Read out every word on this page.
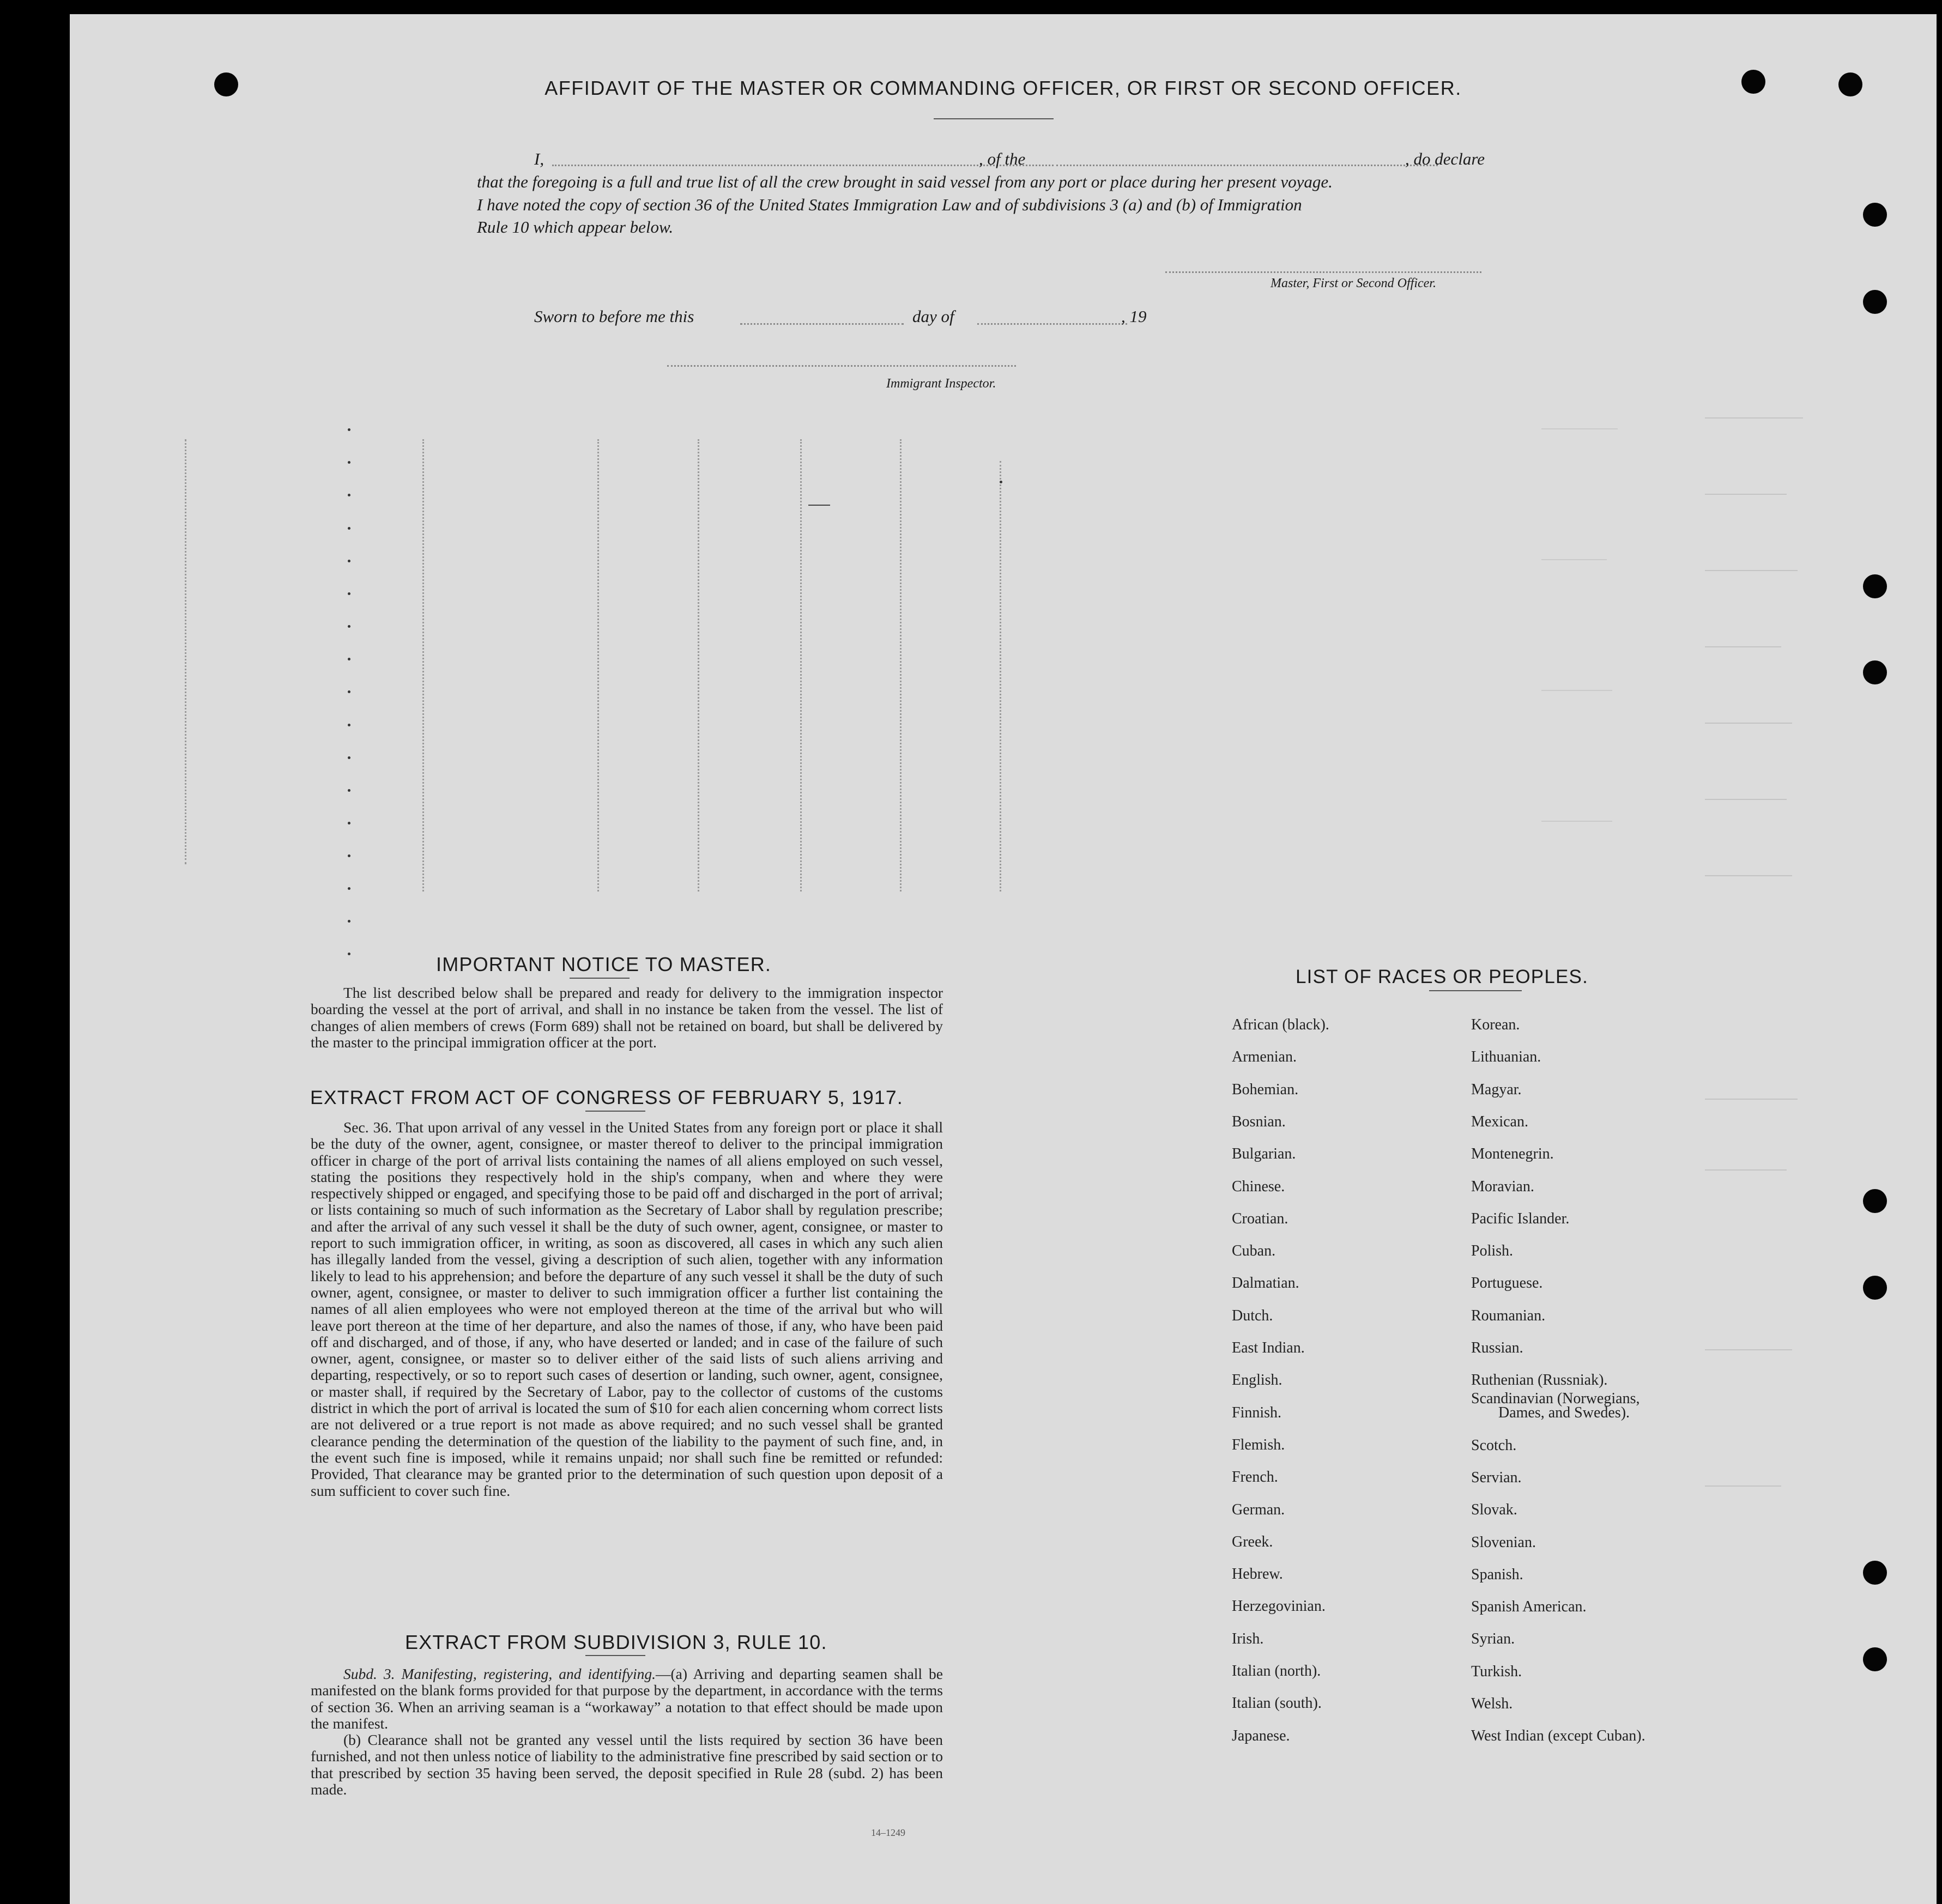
AFFIDAVIT OF THE MASTER OR COMMANDING OFFICER, OR FIRST OR SECOND OFFICER.
I,	, of the	, do declare
that the foregoing is a full and true list of all the crew brought in said vessel from any port or place during her present voyage.
I have noted the copy of section 36 of the United States Immigration Law and of subdivisions 3 (a) and (b) of Immigration
Rule 10 which appear below.
Master, First or Second Officer.
Sworn to before me this	day of	, 19
Immigrant Inspector.
IMPORTANT NOTICE TO MASTER.

The list described below shall be prepared and ready for delivery to the immigration inspector boarding the vessel at the port of arrival, and shall in no instance be taken from the vessel. The list of changes of alien members of crews (Form 689) shall not be retained on board, but shall be delivered by the master to the principal immigration officer at the port.

EXTRACT FROM ACT OF CONGRESS OF FEBRUARY 5, 1917.

Sec. 36. That upon arrival of any vessel in the United States from any foreign port or place it shall be the duty of the owner, agent, consignee, or master thereof to deliver to the principal immigration officer in charge of the port of arrival lists containing the names of all aliens employed on such vessel, stating the positions they respectively hold in the ship's company, when and where they were respectively shipped or engaged, and specifying those to be paid off and discharged in the port of arrival; or lists containing so much of such information as the Secretary of Labor shall by regulation prescribe; and after the arrival of any such vessel it shall be the duty of such owner, agent, consignee, or master to report to such immigration officer, in writing, as soon as discovered, all cases in which any such alien has illegally landed from the vessel, giving a description of such alien, together with any information likely to lead to his apprehension; and before the departure of any such vessel it shall be the duty of such owner, agent, consignee, or master to deliver to such immigration officer a further list containing the names of all alien employees who were not employed thereon at the time of the arrival but who will leave port thereon at the time of her departure, and also the names of those, if any, who have been paid off and discharged, and of those, if any, who have deserted or landed; and in case of the failure of such owner, agent, consignee, or master so to deliver either of the said lists of such aliens arriving and departing, respectively, or so to report such cases of desertion or landing, such owner, agent, consignee, or master shall, if required by the Secretary of Labor, pay to the collector of customs of the customs district in which the port of arrival is located the sum of $10 for each alien concerning whom correct lists are not delivered or a true report is not made as above required; and no such vessel shall be granted clearance pending the determination of the question of the liability to the payment of such fine, and, in the event such fine is imposed, while it remains unpaid; nor shall such fine be remitted or refunded: Provided, That clearance may be granted prior to the determination of such question upon deposit of a sum sufficient to cover such fine.

EXTRACT FROM SUBDIVISION 3, RULE 10.

Subd. 3. Manifesting, registering, and identifying.—(a) Arriving and departing seamen shall be manifested on the blank forms provided for that purpose by the department, in accordance with the terms of section 36. When an arriving seaman is a “workaway” a notation to that effect should be made upon the manifest.

(b) Clearance shall not be granted any vessel until the lists required by section 36 have been furnished, and not then unless notice of liability to the administrative fine prescribed by said section or to that prescribed by section 35 having been served, the deposit specified in Rule 28 (subd. 2) has been made.

14–1249
LIST OF RACES OR PEOPLES.
African (black).
Armenian.
Bohemian.
Bosnian.
Bulgarian.
Chinese.
Croatian.
Cuban.
Dalmatian.
Dutch.
East Indian.
English.
Finnish.
Flemish.
French.
German.
Greek.
Hebrew.
Herzegovinian.
Irish.
Italian (north).
Italian (south).
Japanese.
Korean.
Lithuanian.
Magyar.
Mexican.
Montenegrin.
Moravian.
Pacific Islander.
Polish.
Portuguese.
Roumanian.
Russian.
Ruthenian (Russniak).
Scandinavian (Norwegians,
Dames, and Swedes).
Scotch.
Servian.
Slovak.
Slovenian.
Spanish.
Spanish American.
Syrian.
Turkish.
Welsh.
West Indian (except Cuban).
